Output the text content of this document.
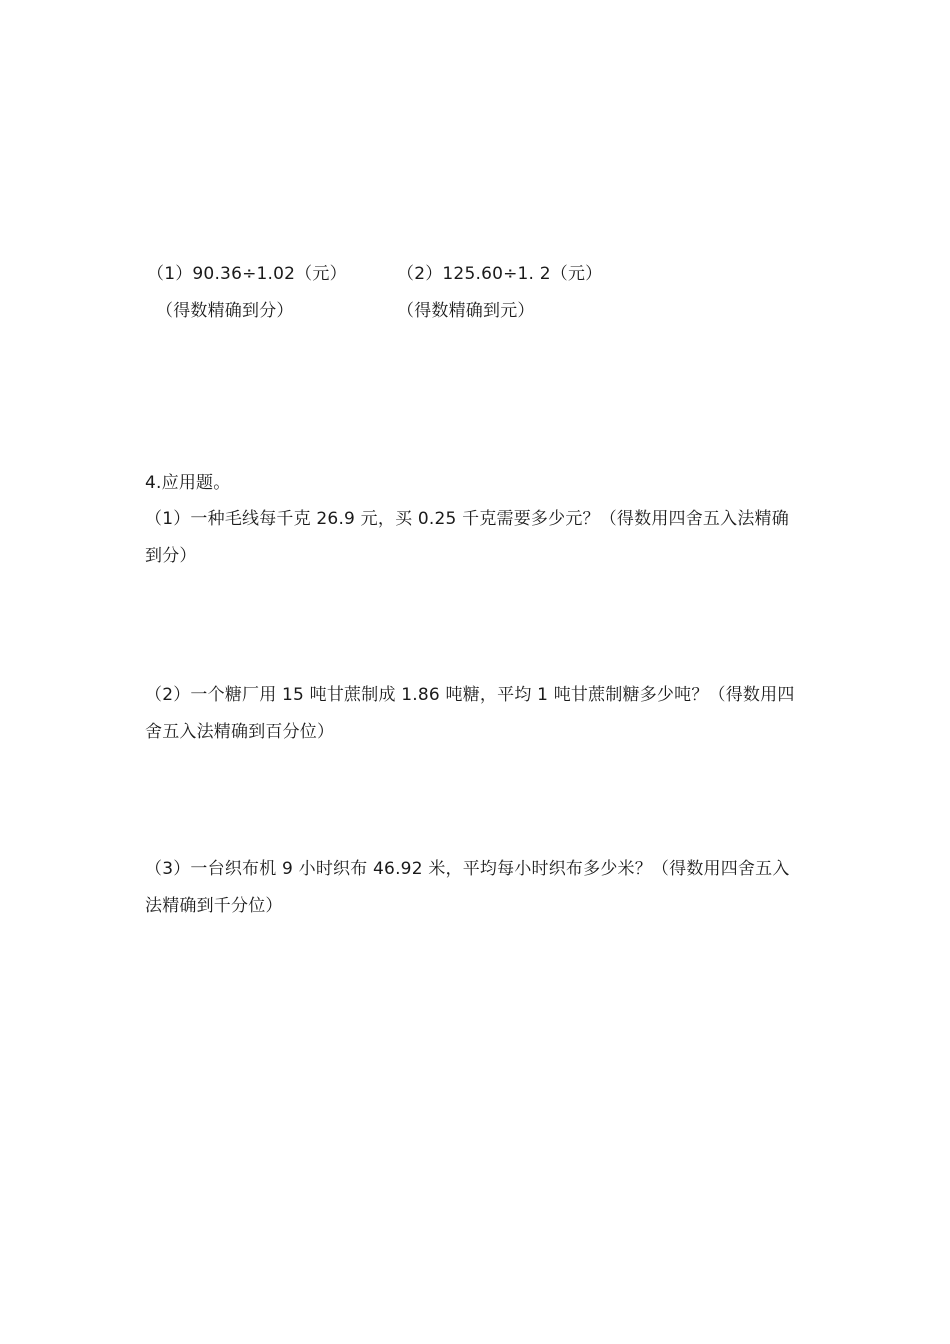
（1）90.36÷1.02（元）
（得数精确到分）
（2）125.60÷1. 2（元）
（得数精确到元）
4.应用题。
（1）一种毛线每千克 26.9 元，买 0.25 千克需要多少元？（得数用四舍五入法精确
到分）
（2）一个糖厂用 15 吨甘蔗制成 1.86 吨糖，平均 1 吨甘蔗制糖多少吨？（得数用四
舍五入法精确到百分位）
（3）一台织布机 9 小时织布 46.92 米，平均每小时织布多少米？（得数用四舍五入
法精确到千分位）
